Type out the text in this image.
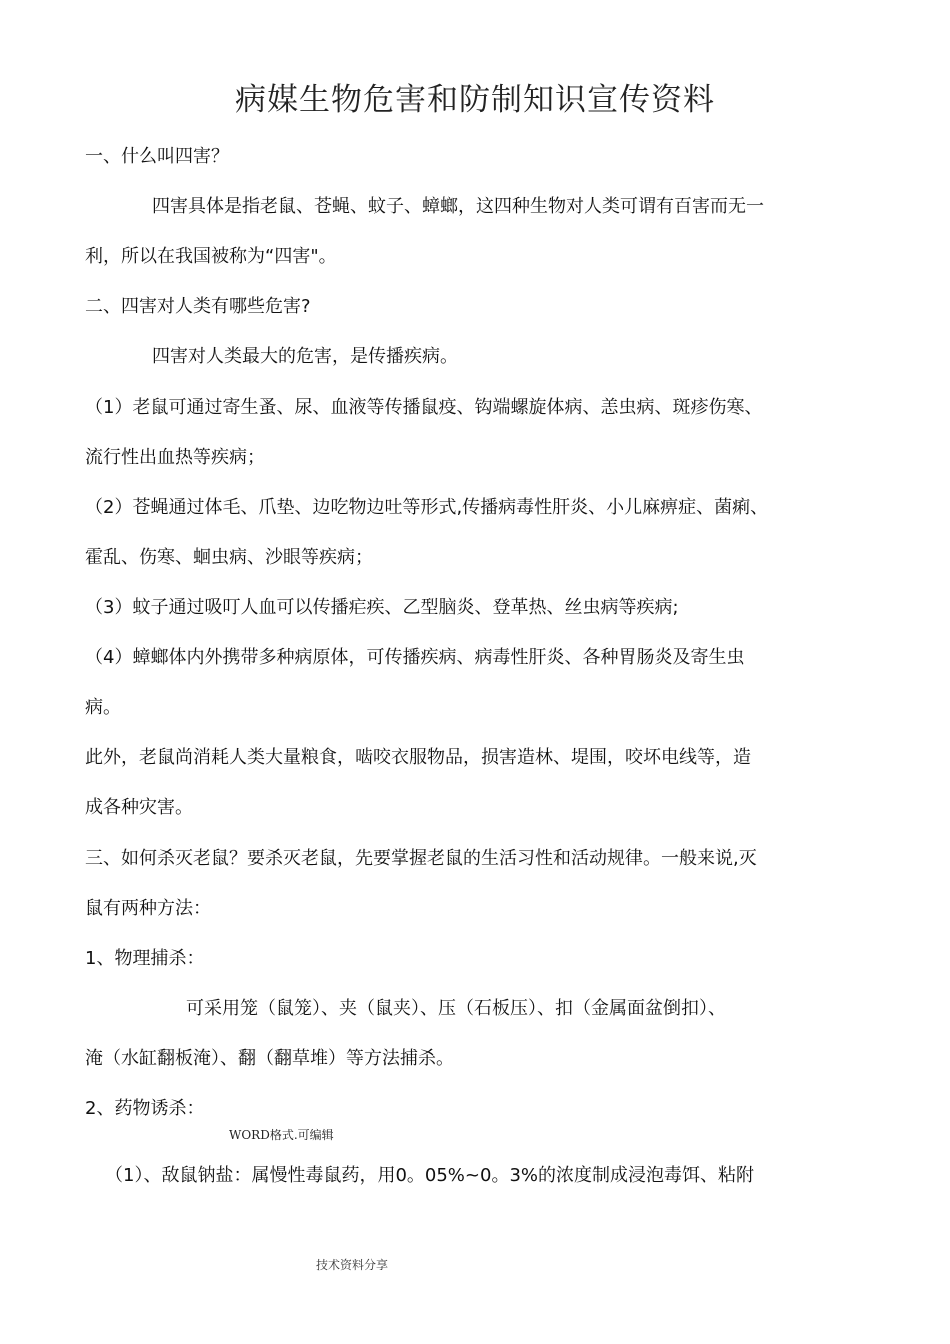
病媒生物危害和防制知识宣传资料
一、什么叫四害？
四害具体是指老鼠、苍蝇、蚊子、蟑螂，这四种生物对人类可谓有百害而无一
利，所以在我国被称为“四害"。
二、四害对人类有哪些危害?
四害对人类最大的危害，是传播疾病。
（1）老鼠可通过寄生蚤、尿、血液等传播鼠疫、钩端螺旋体病、恙虫病、斑疹伤寒、
流行性出血热等疾病；
（2）苍蝇通过体毛、爪垫、边吃物边吐等形式,传播病毒性肝炎、小儿麻痹症、菌痢、
霍乱、伤寒、蛔虫病、沙眼等疾病；
（3）蚊子通过吸叮人血可以传播疟疾、乙型脑炎、登革热、丝虫病等疾病;
（4）蟑螂体内外携带多种病原体，可传播疾病、病毒性肝炎、各种胃肠炎及寄生虫
病。
此外，老鼠尚消耗人类大量粮食，啮咬衣服物品，损害造林、堤围，咬坏电线等，造
成各种灾害。
三、如何杀灭老鼠？要杀灭老鼠，先要掌握老鼠的生活习性和活动规律。一般来说,灭
鼠有两种方法：
1、物理捕杀：
可采用笼（鼠笼）、夹（鼠夹）、压（石板压）、扣（金属面盆倒扣）、
淹（水缸翻板淹）、翻（翻草堆）等方法捕杀。
2、药物诱杀：
WORD格式.可编辑
（1）、敌鼠钠盐：属慢性毒鼠药，用0。05%~0。3%的浓度制成浸泡毒饵、粘附
技术资料分享
